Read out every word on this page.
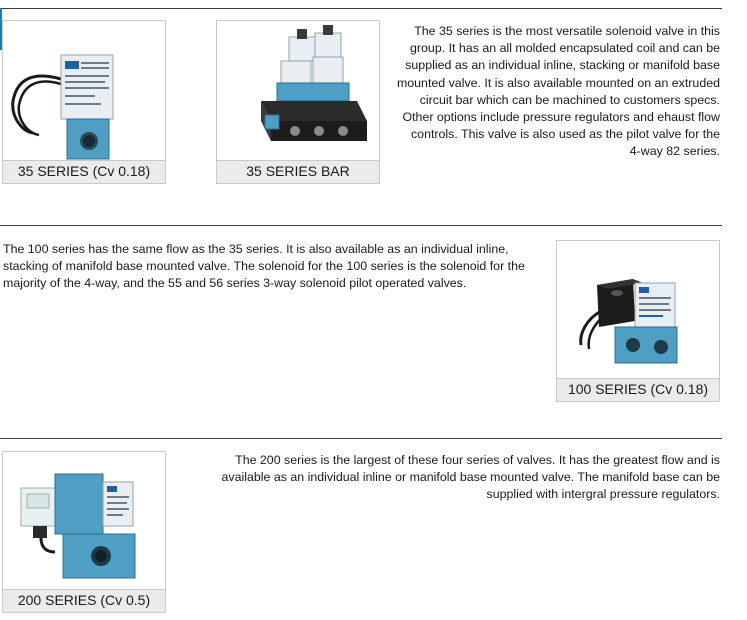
35 SERIES (Cv 0.18)	35 SERIES BAR
The 35 series is the most versatile solenoid valve in this
group. It has an all molded encapsulated coil and can be
supplied as an individual inline, stacking or manifold base
mounted valve. It is also available mounted on an extruded
circuit bar which can be machined to customers specs.
Other options include pressure regulators and ehaust flow
controls. This valve is also used as the pilot valve for the
4-way 82 series.
The 100 series has the same flow as the 35 series. It is also available as an individual inline,
stacking of manifold base mounted valve. The solenoid for the 100 series is the solenoid for the
majority of the 4-way, and the 55 and 56 series 3-way solenoid pilot operated valves.
100 SERIES (Cv 0.18)
200 SERIES (Cv 0.5)
The 200 series is the largest of these four series of valves. It has the greatest flow and is
available as an individual inline or manifold base mounted valve. The manifold base can be
supplied with intergral pressure regulators.
